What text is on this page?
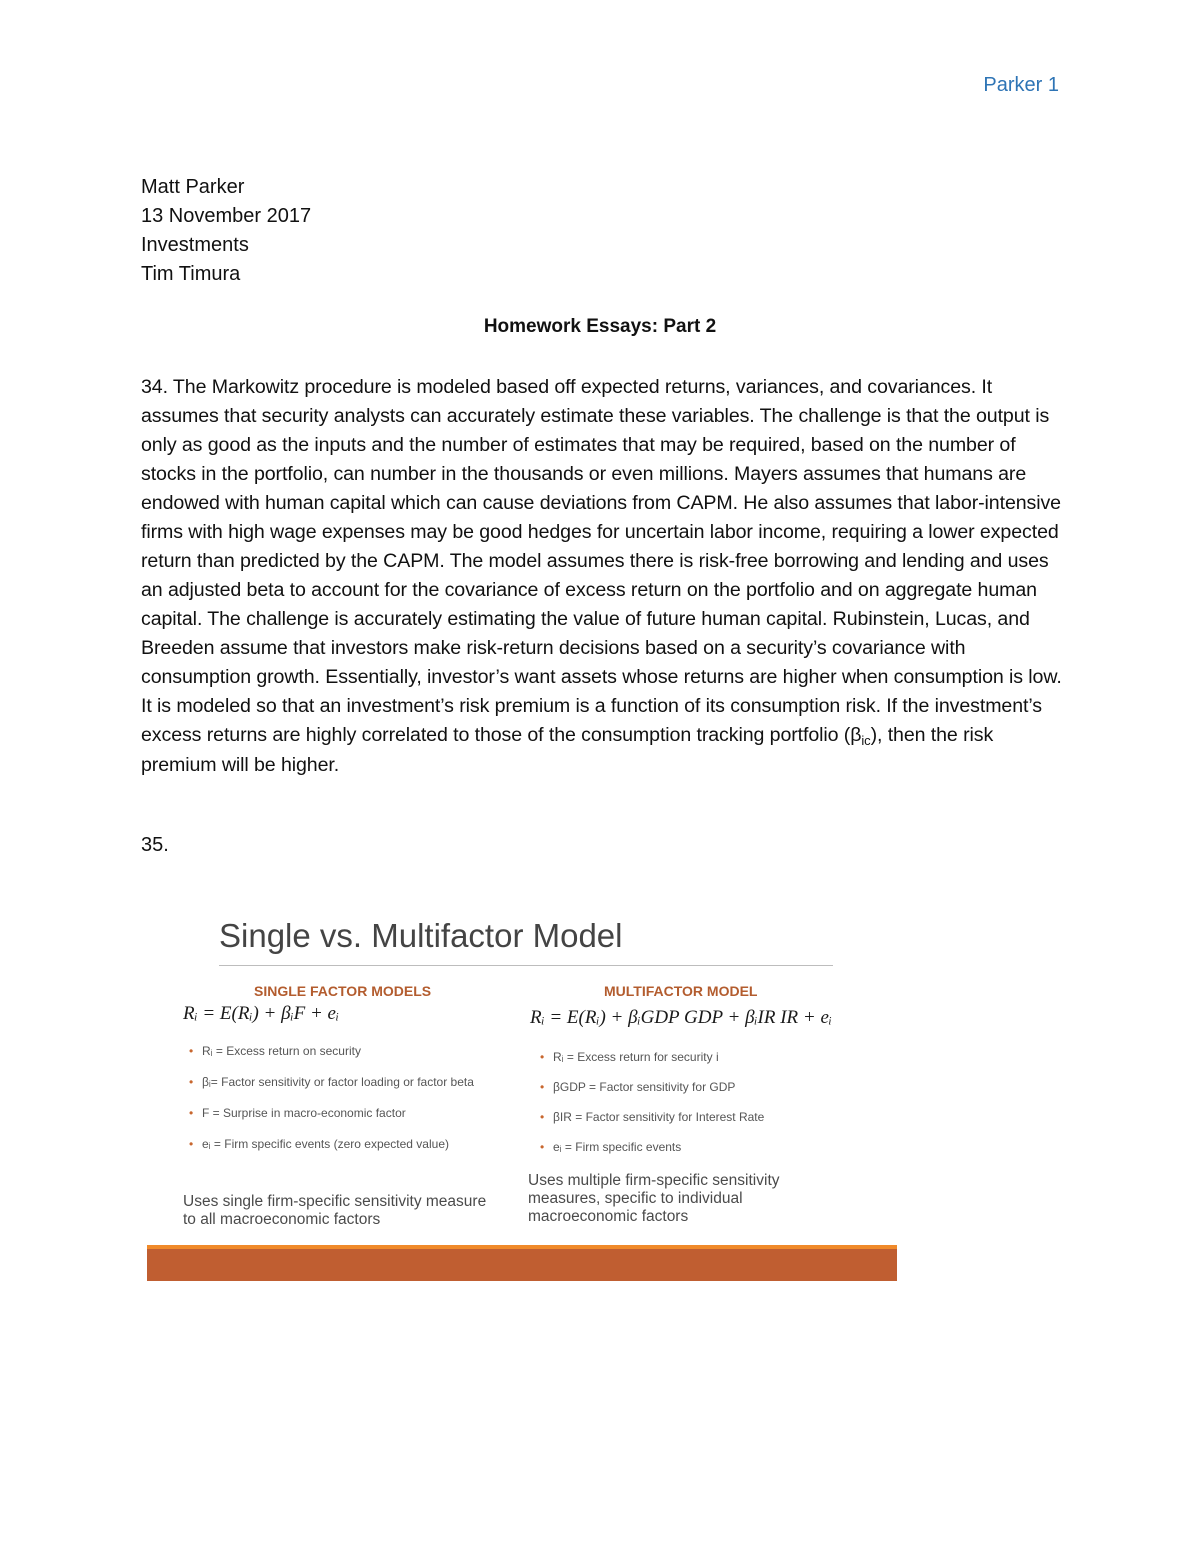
Parker 1
Matt Parker
13 November 2017
Investments
Tim Timura
Homework Essays: Part 2

34. The Markowitz procedure is modeled based off expected returns, variances, and covariances. It assumes that security analysts can accurately estimate these variables. The challenge is that the output is only as good as the inputs and the number of estimates that may be required, based on the number of stocks in the portfolio, can number in the thousands or even millions. Mayers assumes that humans are endowed with human capital which can cause deviations from CAPM. He also assumes that labor-intensive firms with high wage expenses may be good hedges for uncertain labor income, requiring a lower expected return than predicted by the CAPM. The model assumes there is risk-free borrowing and lending and uses an adjusted beta to account for the covariance of excess return on the portfolio and on aggregate human capital. The challenge is accurately estimating the value of future human capital. Rubinstein, Lucas, and Breeden assume that investors make risk-return decisions based on a security’s covariance with consumption growth. Essentially, investor’s want assets whose returns are higher when consumption is low. It is modeled so that an investment’s risk premium is a function of its consumption risk. If the investment’s excess returns are highly correlated to those of the consumption tracking portfolio $(\beta_{ic})$, then the risk premium will be higher.

35.
Single vs. Multifactor Model
SINGLE FACTOR MODELS	MULTIFACTOR MODEL
Rᵢ = E(Rᵢ) + βᵢF + eᵢ	Rᵢ = E(Rᵢ) + βᵢGDP GDP + βᵢIR IR + eᵢ
• Rᵢ = Excess return on security
• βᵢ= Factor sensitivity or factor loading or factor beta
• F = Surprise in macro-economic factor
• eᵢ = Firm specific events (zero expected value)
• Rᵢ = Excess return for security i
• βGDP = Factor sensitivity for GDP
• βIR = Factor sensitivity for Interest Rate
• eᵢ = Firm specific events
Uses single firm-specific sensitivity measure to all macroeconomic factors
Uses multiple firm-specific sensitivity measures, specific to individual macroeconomic factors
